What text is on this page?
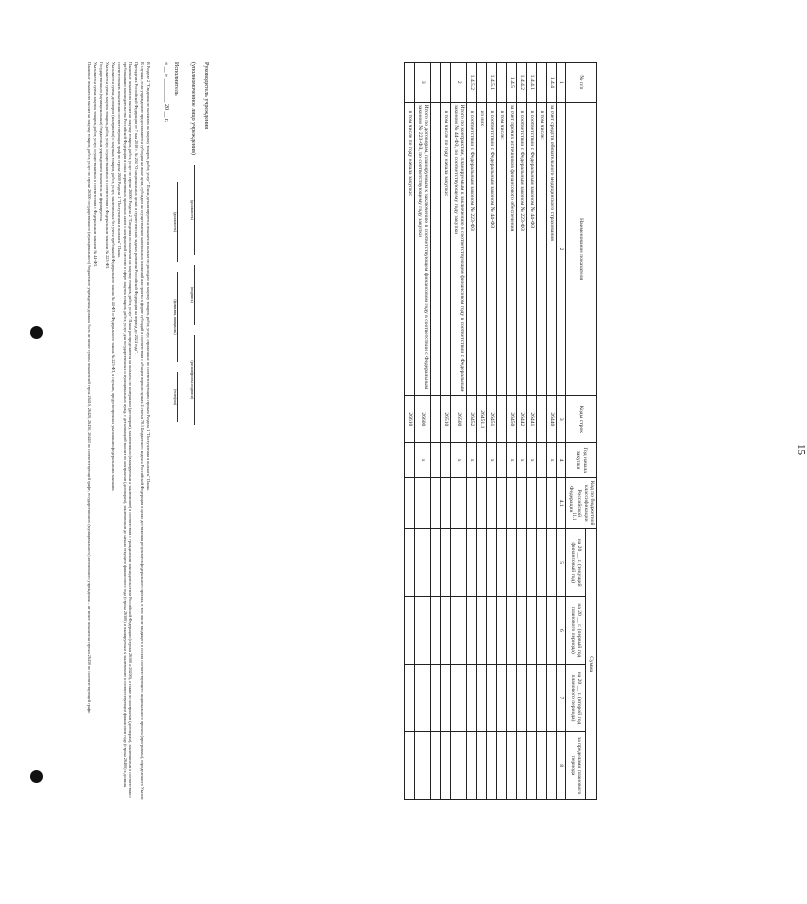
15
№ п/п	Наименование показателя	Коды строк	Год начала закупки	Код по бюджетной классификации Российской Федерации$^{11.1}$	Сумма			
					на 20 __ г. (текущий финансовый год)	на 20 __ г. (первый год планового периода)	на 20 __ г. (второй год планового периода)	за пределами планового периода
1	2	3	4	4.1	5	6	7	8
1.4.4	за счет средств обязательного медицинского страхования	26440	х					
	в том числе:							
1.4.4.1	в соответствии с Федеральным законом № 44-ФЗ	26441	х					
1.4.4.2	в соответствии с Федеральным законом № 223-ФЗ	26442	х					
1.4.5	за счет прочих источников финансового обеспечения	26450	х					
	в том числе:							
1.4.5.1	в соответствии с Федеральным законом № 44-ФЗ	26451	х					
	из них	26451.1						
1.4.5.2	в соответствии с Федеральным законом № 223-ФЗ	26452	х					
2	Итого по контрактам, планируемым к заключению в соответствующем финансовом году в соответствии с Федеральным законом № 44-ФЗ, по соответствующему году закупки	26500	х					
	в том числе по году начала закупки:	26510						

3	Итого по договорам, планируемым к заключению в соответствующем финансовом году в соответствии с Федеральным законом № 223-ФЗ, по соответствующему году закупки	26600	х					
	в том числе по году начала закупки:	26610						
Руководитель учреждения
(уполномоченное лицо учреждения)
(должность)
(подпись)
(расшифровка подписи)
Исполнитель
(должность)
(фамилия, инициалы)
(телефон)
« __ » ________ 20 __ г.

В Разделе 2 "Сведения по выплатам на закупку товаров, работ, услуг" Плана детализируются показатели выплат по расходам на закупку товаров, работ, услуг, отраженные по соответствующим строкам Раздела 1 "Поступления и выплаты" Плана.

В случаях, если учреждению предоставляются субсидии на иные цели, субсидии на осуществление капитальных вложений или гранты в форме субсидий в соответствии с абзацем первым пункта 4 статьи 78.1 Бюджетного кодекса Российской Федерации в целях достижения результатов федерального проекта, в том числе входящего в состав соответствующего национального проекта (программы), определенного Указом Президента Российской Федерации от 7 мая 2018 г. № 204 "О национальных целях и стратегических задачах развития Российской Федерации на период до 2024 года".

Плановые показатели выплат на закупку товаров, работ, услуг по строке 26000 Раздела 2 "Сведения по выплатам на закупку товаров, работ, услуг" Плана распределяются на выплаты по контрактам (договорам), заключенным (планируемым к заключению) в соответствии с гражданским законодательством Российской Федерации (строки 26100 и 26200), а также по контрактам (договорам), заключаемым в соответствии с требованиями законодательства Российской Федерации и иных нормативных правовых актов о контрактной системе в сфере закупок товаров, работ, услуг для государственных и муниципальных нужд, с детализацией выплат по контрактам (договорам), заключенным до начала текущего финансового года (строка 26300) и планируемым к заключению в соответствующем финансовом году (строка 26400) в должны соответствовать показателям соответствующих граф по строке 2600 Раздела 1 "Поступления и выплаты" Плана.

Указывается сумма договоров (контрактов) о закупках товаров, работ, услуг, заключенных без учета требований Федерального закона № 44-ФЗ и Федерального закона № 223-ФЗ, в случаях, предусмотренных указанными федеральными законами.

Указывается сумма закупок товаров, работ, услуг, осуществляемых в соответствии с Федеральным законом № 223-ФЗ.

Государственным (муниципальным) бюджетным учреждением показатель не формируется.

Указывается сумма закупок товаров, работ, услуг, осуществляемых в соответствии с Федеральным законом № 44-ФЗ.

Плановые показатели выплат на закупку товаров, работ, услуг по строке 26500 государственного (муниципального) бюджетного учреждения должны быть не менее суммы показателей строк 26410, 26420, 26430, 26440 по соответствующей графе, государственного (муниципального) автономного учреждения – не менее показателя строки 26430 по соответствующей графе.
